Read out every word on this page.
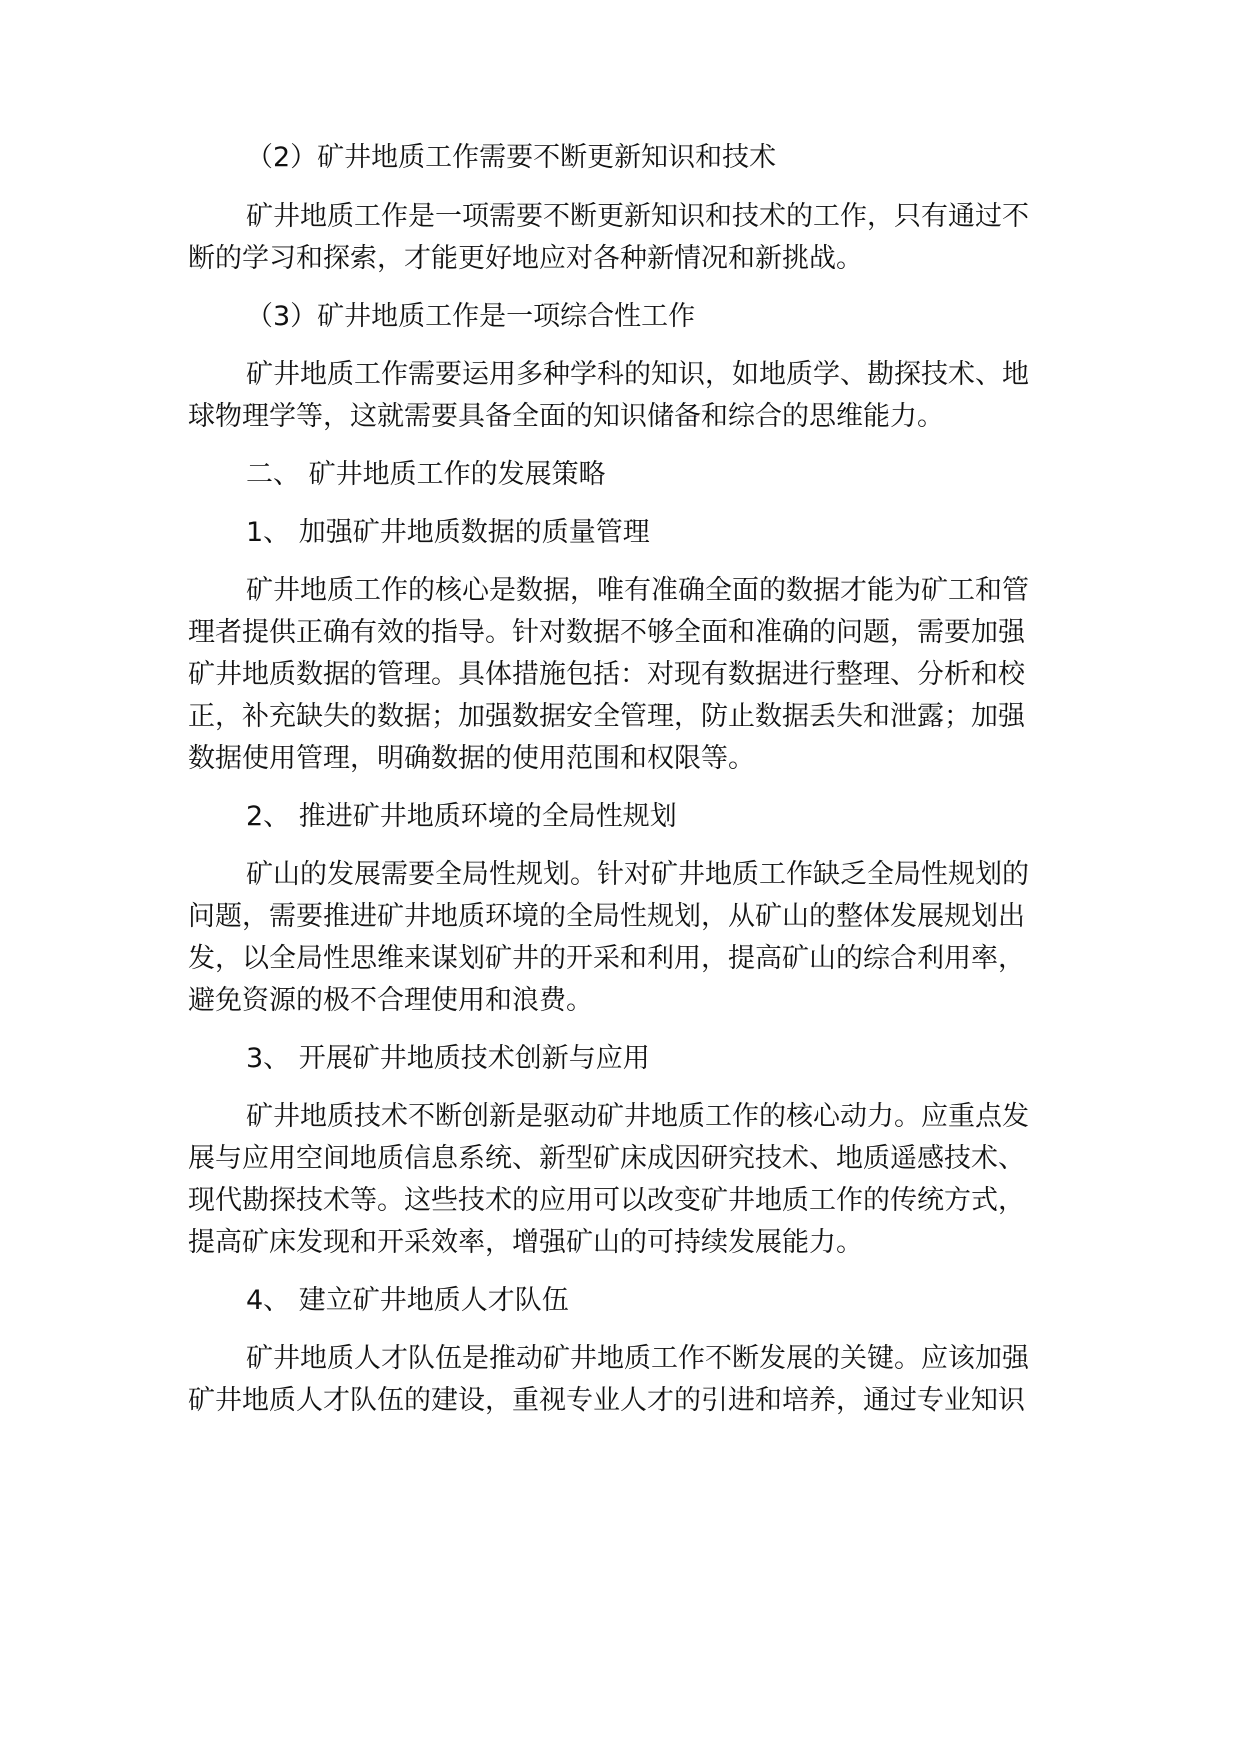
（2）矿井地质工作需要不断更新知识和技术
矿井地质工作是一项需要不断更新知识和技术的工作，只有通过不
断的学习和探索，才能更好地应对各种新情况和新挑战。
（3）矿井地质工作是一项综合性工作
矿井地质工作需要运用多种学科的知识，如地质学、勘探技术、地
球物理学等，这就需要具备全面的知识储备和综合的思维能力。
二、 矿井地质工作的发展策略
1、 加强矿井地质数据的质量管理
矿井地质工作的核心是数据，唯有准确全面的数据才能为矿工和管
理者提供正确有效的指导。针对数据不够全面和准确的问题，需要加强
矿井地质数据的管理。具体措施包括：对现有数据进行整理、分析和校
正，补充缺失的数据；加强数据安全管理，防止数据丢失和泄露；加强
数据使用管理，明确数据的使用范围和权限等。
2、 推进矿井地质环境的全局性规划
矿山的发展需要全局性规划。针对矿井地质工作缺乏全局性规划的
问题，需要推进矿井地质环境的全局性规划，从矿山的整体发展规划出
发，以全局性思维来谋划矿井的开采和利用，提高矿山的综合利用率，
避免资源的极不合理使用和浪费。
3、 开展矿井地质技术创新与应用
矿井地质技术不断创新是驱动矿井地质工作的核心动力。应重点发
展与应用空间地质信息系统、新型矿床成因研究技术、地质遥感技术、
现代勘探技术等。这些技术的应用可以改变矿井地质工作的传统方式，
提高矿床发现和开采效率，增强矿山的可持续发展能力。
4、 建立矿井地质人才队伍
矿井地质人才队伍是推动矿井地质工作不断发展的关键。应该加强
矿井地质人才队伍的建设，重视专业人才的引进和培养，通过专业知识
